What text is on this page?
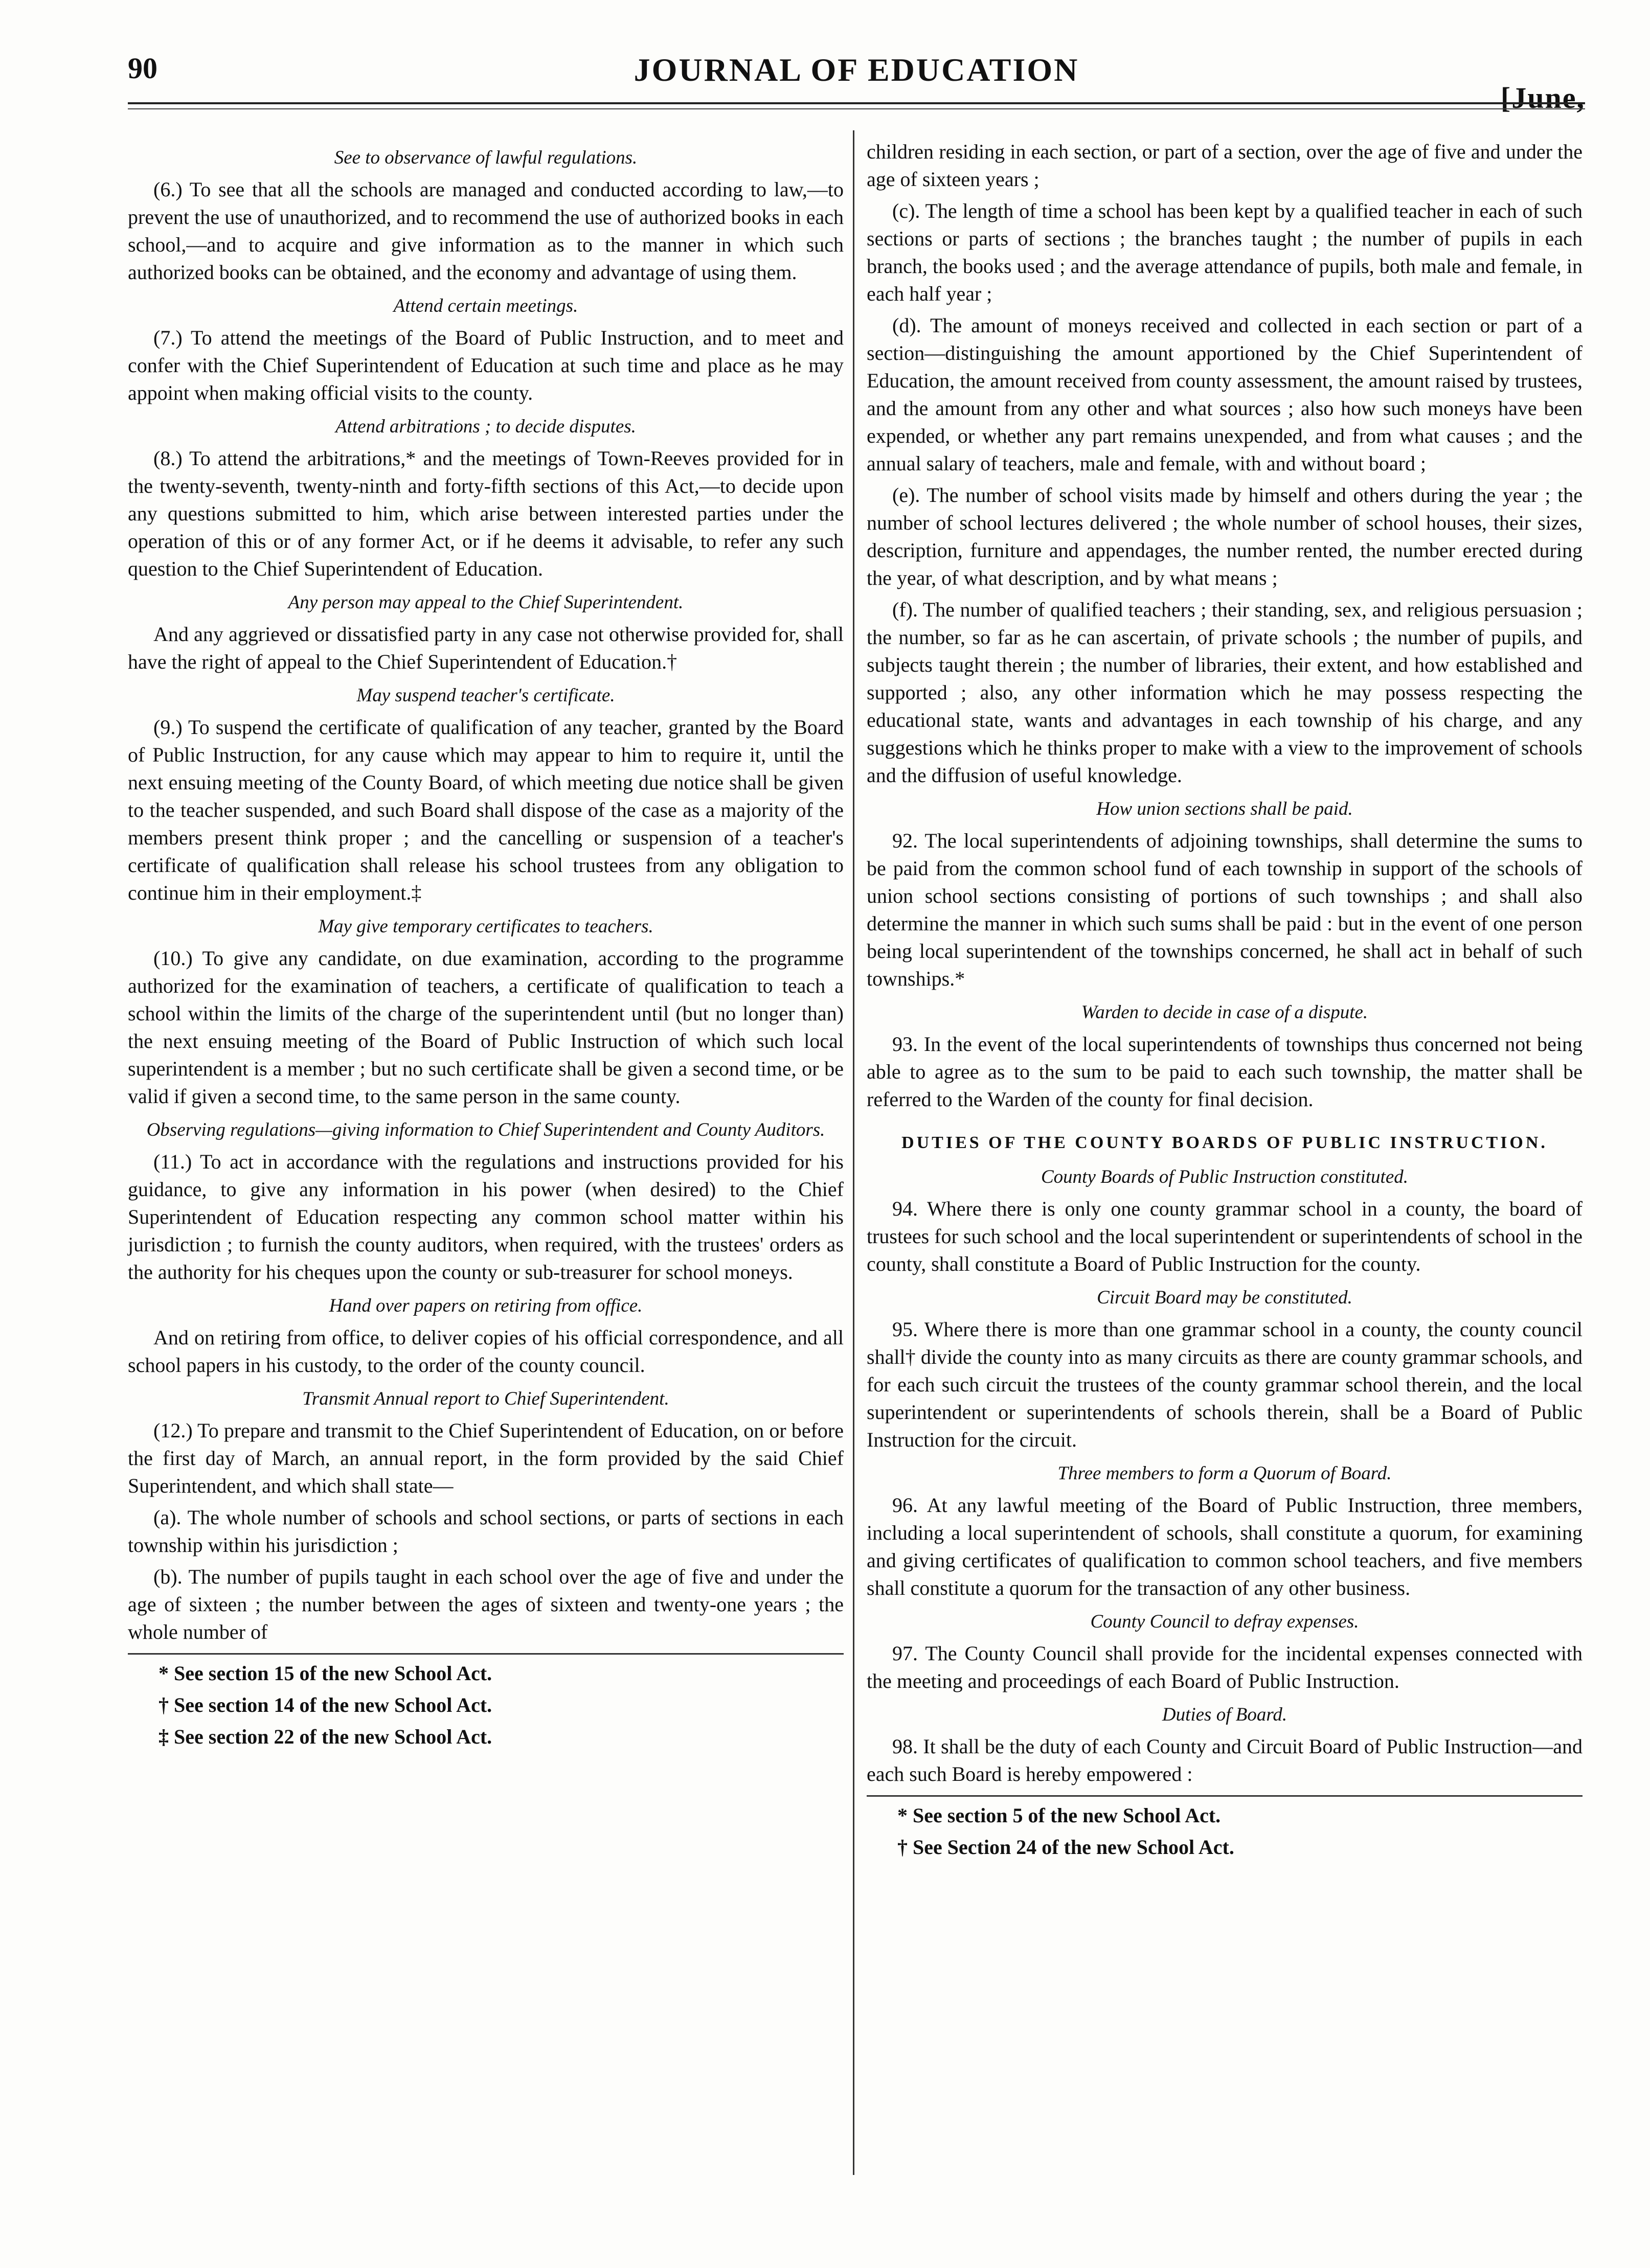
90	JOURNAL OF EDUCATION
[June,
See to observance of lawful regulations.

(6.) To see that all the schools are managed and conducted according to law,—to prevent the use of unauthorized, and to recommend the use of authorized books in each school,—and to acquire and give information as to the manner in which such authorized books can be obtained, and the economy and advantage of using them.

Attend certain meetings.

(7.) To attend the meetings of the Board of Public Instruction, and to meet and confer with the Chief Superintendent of Education at such time and place as he may appoint when making official visits to the county.

Attend arbitrations ; to decide disputes.

(8.) To attend the arbitrations,* and the meetings of Town-Reeves provided for in the twenty-seventh, twenty-ninth and forty-fifth sections of this Act,—to decide upon any questions submitted to him, which arise between interested parties under the operation of this or of any former Act, or if he deems it advisable, to refer any such question to the Chief Superintendent of Education.

Any person may appeal to the Chief Superintendent.

And any aggrieved or dissatisfied party in any case not otherwise provided for, shall have the right of appeal to the Chief Superintendent of Education.†

May suspend teacher's certificate.

(9.) To suspend the certificate of qualification of any teacher, granted by the Board of Public Instruction, for any cause which may appear to him to require it, until the next ensuing meeting of the County Board, of which meeting due notice shall be given to the teacher suspended, and such Board shall dispose of the case as a majority of the members present think proper ; and the cancelling or suspension of a teacher's certificate of qualification shall release his school trustees from any obligation to continue him in their employment.‡

May give temporary certificates to teachers.

(10.) To give any candidate, on due examination, according to the programme authorized for the examination of teachers, a certificate of qualification to teach a school within the limits of the charge of the superintendent until (but no longer than) the next ensuing meeting of the Board of Public Instruction of which such local superintendent is a member ; but no such certificate shall be given a second time, or be valid if given a second time, to the same person in the same county.

Observing regulations—giving information to Chief Superintendent and County Auditors.

(11.) To act in accordance with the regulations and instructions provided for his guidance, to give any information in his power (when desired) to the Chief Superintendent of Education respecting any common school matter within his jurisdiction ; to furnish the county auditors, when required, with the trustees' orders as the authority for his cheques upon the county or sub-treasurer for school moneys.

Hand over papers on retiring from office.

And on retiring from office, to deliver copies of his official correspondence, and all school papers in his custody, to the order of the county council.

Transmit Annual report to Chief Superintendent.

(12.) To prepare and transmit to the Chief Superintendent of Education, on or before the first day of March, an annual report, in the form provided by the said Chief Superintendent, and which shall state—

(a). The whole number of schools and school sections, or parts of sections in each township within his jurisdiction ;

(b). The number of pupils taught in each school over the age of five and under the age of sixteen ; the number between the ages of sixteen and twenty-one years ; the whole number of

* See section 15 of the new School Act.

† See section 14 of the new School Act.

‡ See section 22 of the new School Act.

children residing in each section, or part of a section, over the age of five and under the age of sixteen years ;

(c). The length of time a school has been kept by a qualified teacher in each of such sections or parts of sections ; the branches taught ; the number of pupils in each branch, the books used ; and the average attendance of pupils, both male and female, in each half year ;

(d). The amount of moneys received and collected in each section or part of a section—distinguishing the amount apportioned by the Chief Superintendent of Education, the amount received from county assessment, the amount raised by trustees, and the amount from any other and what sources ; also how such moneys have been expended, or whether any part remains unexpended, and from what causes ; and the annual salary of teachers, male and female, with and without board ;

(e). The number of school visits made by himself and others during the year ; the number of school lectures delivered ; the whole number of school houses, their sizes, description, furniture and appendages, the number rented, the number erected during the year, of what description, and by what means ;

(f). The number of qualified teachers ; their standing, sex, and religious persuasion ; the number, so far as he can ascertain, of private schools ; the number of pupils, and subjects taught therein ; the number of libraries, their extent, and how established and supported ; also, any other information which he may possess respecting the educational state, wants and advantages in each township of his charge, and any suggestions which he thinks proper to make with a view to the improvement of schools and the diffusion of useful knowledge.

How union sections shall be paid.

92. The local superintendents of adjoining townships, shall determine the sums to be paid from the common school fund of each township in support of the schools of union school sections consisting of portions of such townships ; and shall also determine the manner in which such sums shall be paid : but in the event of one person being local superintendent of the townships concerned, he shall act in behalf of such townships.*

Warden to decide in case of a dispute.

93. In the event of the local superintendents of townships thus concerned not being able to agree as to the sum to be paid to each such township, the matter shall be referred to the Warden of the county for final decision.

DUTIES OF THE COUNTY BOARDS OF PUBLIC INSTRUCTION.
County Boards of Public Instruction constituted.

94. Where there is only one county grammar school in a county, the board of trustees for such school and the local superintendent or superintendents of school in the county, shall constitute a Board of Public Instruction for the county.

Circuit Board may be constituted.

95. Where there is more than one grammar school in a county, the county council shall† divide the county into as many circuits as there are county grammar schools, and for each such circuit the trustees of the county grammar school therein, and the local superintendent or superintendents of schools therein, shall be a Board of Public Instruction for the circuit.

Three members to form a Quorum of Board.

96. At any lawful meeting of the Board of Public Instruction, three members, including a local superintendent of schools, shall constitute a quorum, for examining and giving certificates of qualification to common school teachers, and five members shall constitute a quorum for the transaction of any other business.

County Council to defray expenses.

97. The County Council shall provide for the incidental expenses connected with the meeting and proceedings of each Board of Public Instruction.

Duties of Board.

98. It shall be the duty of each County and Circuit Board of Public Instruction—and each such Board is hereby empowered :

* See section 5 of the new School Act.

† See Section 24 of the new School Act.
